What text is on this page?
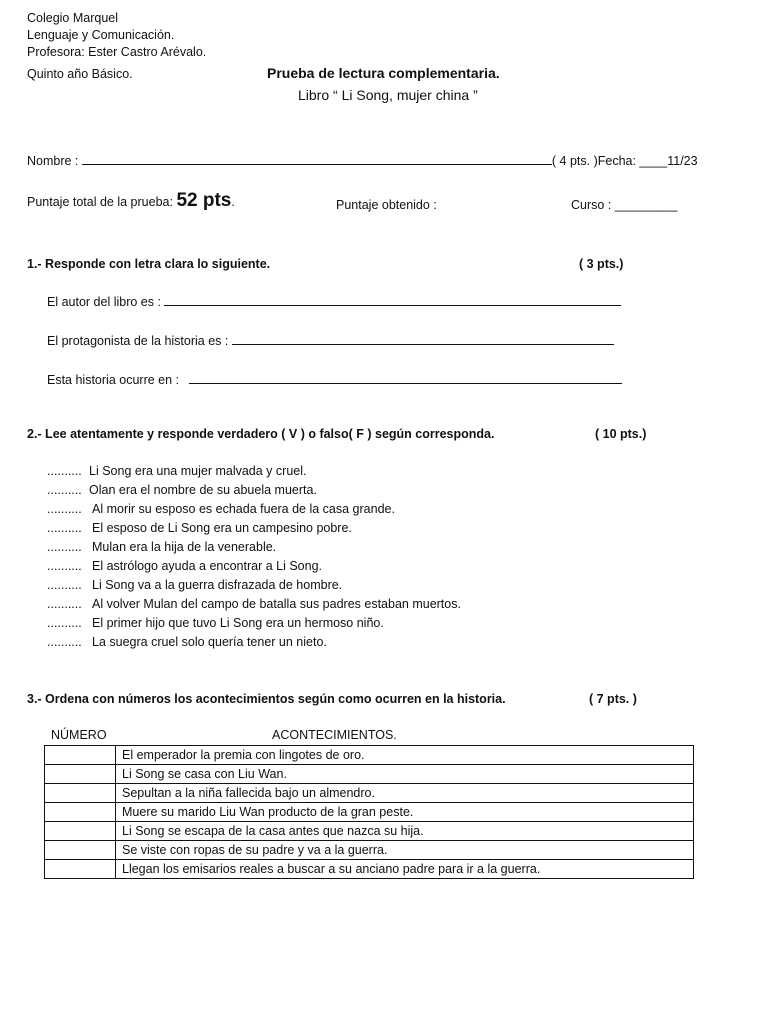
Colegio Marquel
Lenguaje y Comunicación.
Profesora: Ester Castro Arévalo.
Quinto año Básico.	Prueba de lectura complementaria.
Libro “ Li Song, mujer china ”
Nombre :	( 4 pts. )Fecha: ____11/23
Puntaje total de la prueba: 52 pts.	Puntaje obtenido :	Curso : _________
1.- Responde con letra clara lo siguiente.	( 3 pts.)
El autor del libro es :
El protagonista de la historia es :
Esta historia ocurre en :
2.- Lee atentamente y responde verdadero ( V ) o falso( F ) según corresponda.	( 10 pts.)
.......... Li Song era una mujer malvada y cruel.
.......... Olan era el nombre de su abuela muerta.
.......... Al morir su esposo es echada fuera de la casa grande.
.......... El esposo de Li Song era un campesino pobre.
.......... Mulan era la hija de la venerable.
.......... El astrólogo ayuda a encontrar a Li Song.
.......... Li Song va a la guerra disfrazada de hombre.
.......... Al volver Mulan del campo de batalla sus padres estaban muertos.
.......... El primer hijo que tuvo Li Song era un hermoso niño.
.......... La suegra cruel solo quería tener un nieto.
3.- Ordena con números los acontecimientos según como ocurren en la historia.	( 7 pts. )
NÚMERO	ACONTECIMIENTOS.
	El emperador la premia con lingotes de oro.
	Li Song se casa con Liu Wan.
	Sepultan a la niña fallecida bajo un almendro.
	Muere su marido Liu Wan producto de la gran peste.
	Li Song se escapa de la casa antes que nazca su hija.
	Se viste con ropas de su padre y va a la guerra.
	Llegan los emisarios reales a buscar a su anciano padre para ir a la guerra.
